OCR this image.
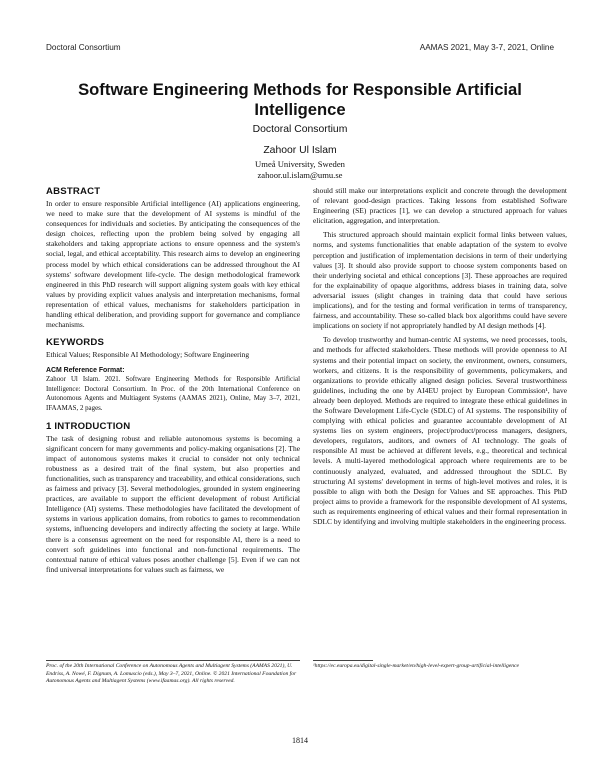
Doctoral Consortium	AAMAS 2021, May 3-7, 2021, Online
Software Engineering Methods for Responsible Artificial Intelligence
Doctoral Consortium
Zahoor Ul Islam
Umeå University, Sweden
zahoor.ul.islam@umu.se
ABSTRACT

In order to ensure responsible Artificial intelligence (AI) applications engineering, we need to make sure that the development of AI systems is mindful of the consequences for individuals and societies. By anticipating the consequences of the design choices, reflecting upon the problem being solved by engaging all stakeholders and taking appropriate actions to ensure openness and the system's social, legal, and ethical acceptability. This research aims to develop an engineering process model by which ethical considerations can be addressed throughout the AI systems' software development life-cycle. The design methodological framework engineered in this PhD research will support aligning system goals with key ethical values by providing explicit values analysis and interpretation mechanisms, formal representation of ethical values, mechanisms for stakeholders participation in handling ethical deliberation, and providing support for governance and compliance mechanisms.

KEYWORDS

Ethical Values; Responsible AI Methodology; Software Engineering

ACM Reference Format:

Zahoor Ul Islam. 2021. Software Engineering Methods for Responsible Artificial Intelligence: Doctoral Consortium. In Proc. of the 20th International Conference on Autonomous Agents and Multiagent Systems (AAMAS 2021), Online, May 3–7, 2021, IFAAMAS, 2 pages.

1 INTRODUCTION

The task of designing robust and reliable autonomous systems is becoming a significant concern for many governments and policy-making organisations [2]. The impact of autonomous systems makes it crucial to consider not only technical robustness as a desired trait of the final system, but also properties and functionalities, such as transparency and traceability, and ethical considerations, such as fairness and privacy [3]. Several methodologies, grounded in system engineering practices, are available to support the efficient development of robust Artificial Intelligence (AI) systems. These methodologies have facilitated the development of systems in various application domains, from robotics to games to recommendation systems, influencing developers and indirectly affecting the society at large. While there is a consensus agreement on the need for responsible AI, there is a need to convert soft guidelines into functional and non-functional requirements. The contextual nature of ethical values poses another challenge [5]. Even if we can not find universal interpretations for values such as fairness, we

should still make our interpretations explicit and concrete through the development of relevant good-design practices. Taking lessons from established Software Engineering (SE) practices [1], we can develop a structured approach for values elicitation, aggregation, and interpretation.

This structured approach should maintain explicit formal links between values, norms, and systems functionalities that enable adaptation of the system to evolve perception and justification of implementation decisions in term of their underlying values [3]. It should also provide support to choose system components based on their underlying societal and ethical conceptions [3]. These approaches are required for the explainability of opaque algorithms, address biases in training data, solve adversarial issues (slight changes in training data that could have serious implications), and for the testing and formal verification in terms of transparency, fairness, and accountability. These so-called black box algorithms could have severe implications on society if not appropriately handled by AI design methods [4].

To develop trustworthy and human-centric AI systems, we need processes, tools, and methods for affected stakeholders. These methods will provide openness to AI systems and their potential impact on society, the environment, owners, consumers, workers, and citizens. It is the responsibility of governments, policymakers, and organizations to provide ethically aligned design policies. Several trustworthiness guidelines, including the one by AI4EU project by European Commission¹, have already been deployed. Methods are required to integrate these ethical guidelines in the Software Development Life-Cycle (SDLC) of AI systems. The responsibility of complying with ethical policies and guarantee accountable development of AI systems lies on system engineers, project/product/process managers, designers, developers, regulators, auditors, and owners of AI technology. The goals of responsible AI must be achieved at different levels, e.g., theoretical and technical levels. A multi-layered methodological approach where requirements are to be continuously analyzed, evaluated, and addressed throughout the SDLC. By structuring AI systems' development in terms of high-level motives and roles, it is possible to align with both the Design for Values and SE approaches. This PhD project aims to provide a framework for the responsible development of AI systems, such as requirements engineering of ethical values and their formal representation in SDLC by identifying and involving multiple stakeholders in the engineering process.

Proc. of the 20th International Conference on Autonomous Agents and Multiagent Systems (AAMAS 2021), U. Endriss, A. Nowé, F. Dignum, A. Lomuscio (eds.), May 3–7, 2021, Online. © 2021 International Foundation for Autonomous Agents and Multiagent Systems (www.ifaamas.org). All rights reserved.
¹https://ec.europa.eu/digital-single-market/en/high-level-expert-group-artificial-intelligence
1814
